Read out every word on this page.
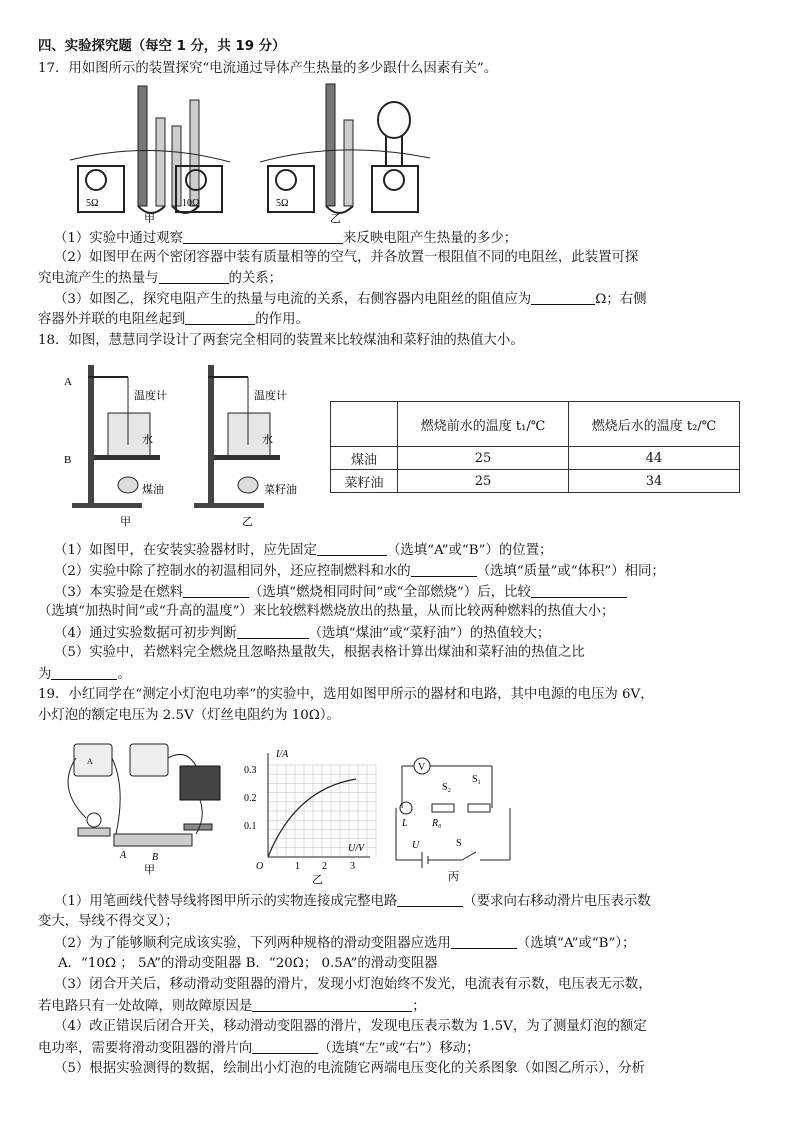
四、实验探究题（每空 1 分，共 19 分）
17．用如图所示的装置探究“电流通过导体产生热量的多少跟什么因素有关”。
5Ω	10Ω
甲
5Ω
乙
（1）实验中通过观察	来反映电阻产生热量的多少；
（2）如图甲在两个密闭容器中装有质量相等的空气，并各放置一根阻值不同的电阻丝，此装置可探
究电流产生的热量与	的关系；
（3）如图乙，探究电阻产生的热量与电流的关系，右侧容器内电阻丝的阻值应为	Ω；右侧
容器外并联的电阻丝起到	的作用。
18．如图，慧慧同学设计了两套完全相同的装置来比较煤油和菜籽油的热值大小。
A
B
温度计
水
煤油
甲
温度计
水
菜籽油
乙
	燃烧前水的温度 t₁/℃	燃烧后水的温度 t₂/℃
煤油	25	44
菜籽油	25	34
（1）如图甲，在安装实验器材时，应先固定	（选填“A”或“B”）的位置；
（2）实验中除了控制水的初温相同外，还应控制燃料和水的	（选填“质量”或“体积”）相同；
（3）本实验是在燃料	（选填“燃烧相同时间”或“全部燃烧”）后，比较
（选填“加热时间”或“升高的温度”）来比较燃料燃烧放出的热量，从而比较两种燃料的热值大小；
（4）通过实验数据可初步判断	（选填“煤油”或“菜籽油”）的热值较大；
（5）实验中，若燃料完全燃烧且忽略热量散失，根据表格计算出煤油和菜籽油的热值之比
为	。
19．小红同学在“测定小灯泡电功率”的实验中，选用如图甲所示的器材和电路，其中电源的电压为 6V，
小灯泡的额定电压为 2.5V（灯丝电阻约为 10Ω）。
A
A	B
甲
I/A
U/V
O
0.1
0.2
0.3
1 2 3
乙
V
L R₀
S₂
S₁
U	S
丙
（1）用笔画线代替导线将图甲所示的实物连接成完整电路	（要求向右移动滑片电压表示数
变大，导线不得交叉）；
（2）为了能够顺利完成该实验，下列两种规格的滑动变阻器应选用	（选填“A”或“B”）；
A．“10Ω ； 5A”的滑动变阻器 B．“20Ω； 0.5A”的滑动变阻器
（3）闭合开关后，移动滑动变阻器的滑片，发现小灯泡始终不发光，电流表有示数，电压表无示数，
若电路只有一处故障，则故障原因是	；
（4）改正错误后闭合开关，移动滑动变阻器的滑片，发现电压表示数为 1.5V，为了测量灯泡的额定
电功率，需要将滑动变阻器的滑片向	（选填“左”或“右”）移动；
（5）根据实验测得的数据，绘制出小灯泡的电流随它两端电压变化的关系图象（如图乙所示），分析
